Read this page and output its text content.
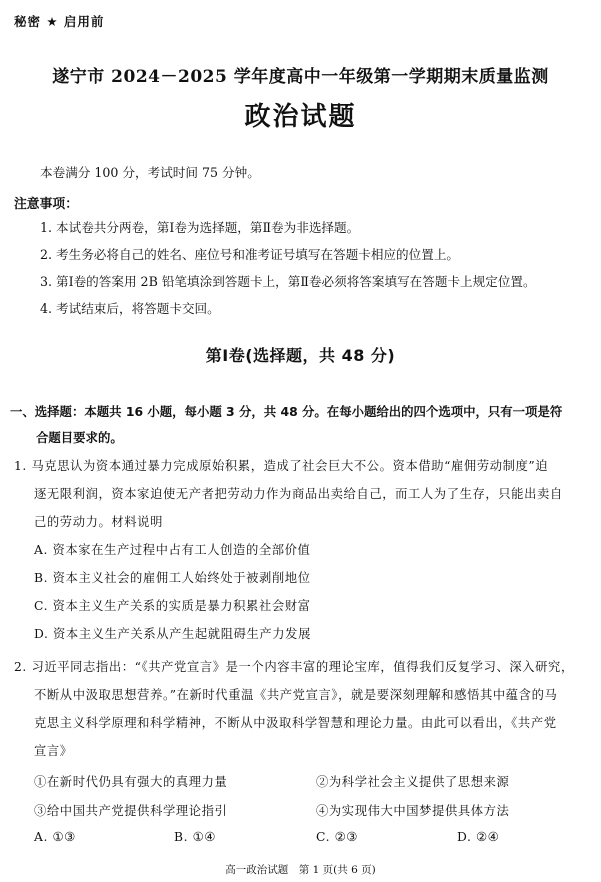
秘密 ★ 启用前
遂宁市 2024－2025 学年度高中一年级第一学期期末质量监测
政治试题
本卷满分 100 分，考试时间 75 分钟。
注意事项：
1. 本试卷共分两卷，第Ⅰ卷为选择题，第Ⅱ卷为非选择题。
2. 考生务必将自己的姓名、座位号和准考证号填写在答题卡相应的位置上。
3. 第Ⅰ卷的答案用 2B 铅笔填涂到答题卡上，第Ⅱ卷必须将答案填写在答题卡上规定位置。
4. 考试结束后，将答题卡交回。
第Ⅰ卷(选择题，共 48 分)
一、选择题：本题共 16 小题，每小题 3 分，共 48 分。在每小题给出的四个选项中，只有一项是符
合题目要求的。
1. 马克思认为资本通过暴力完成原始积累，造成了社会巨大不公。资本借助“雇佣劳动制度”迫
逐无限利润，资本家迫使无产者把劳动力作为商品出卖给自己，而工人为了生存，只能出卖自
己的劳动力。材料说明
A. 资本家在生产过程中占有工人创造的全部价值
B. 资本主义社会的雇佣工人始终处于被剥削地位
C. 资本主义生产关系的实质是暴力积累社会财富
D. 资本主义生产关系从产生起就阻碍生产力发展
2. 习近平同志指出：“《共产党宣言》是一个内容丰富的理论宝库，值得我们反复学习、深入研究，
不断从中汲取思想营养。”在新时代重温《共产党宣言》，就是要深刻理解和感悟其中蕴含的马
克思主义科学原理和科学精神，不断从中汲取科学智慧和理论力量。由此可以看出，《共产党
宣言》
①在新时代仍具有强大的真理力量	②为科学社会主义提供了思想来源
③给中国共产党提供科学理论指引	④为实现伟大中国梦提供具体方法
A. ①③	B. ①④	C. ②③	D. ②④
高一政治试题　第 1 页(共 6 页)
